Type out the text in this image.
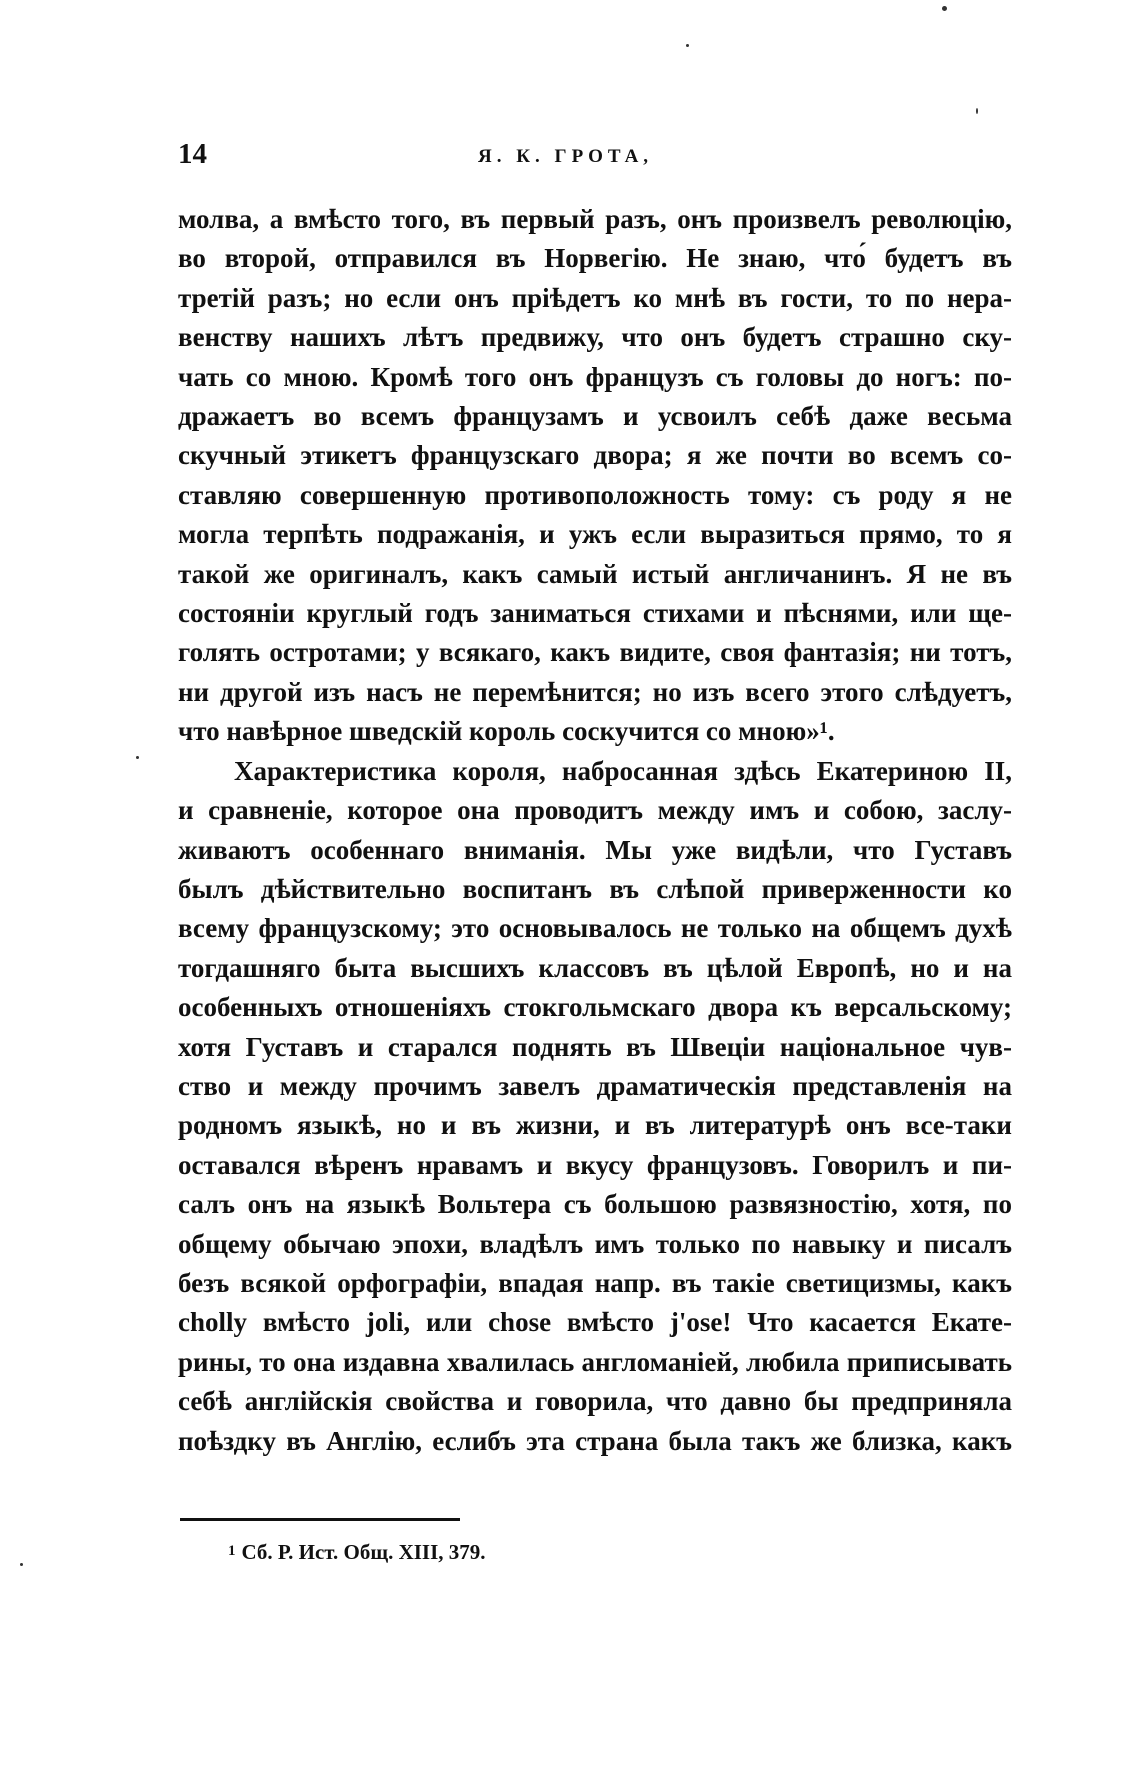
14	Я. К. ГРОТА,
молва, а вмѣсто того, въ первый разъ, онъ произвелъ революцію,
во второй, отправился въ Норвегію. Не знаю, что́ будетъ въ
третій разъ; но если онъ пріѣдетъ ко мнѣ въ гости, то по нера-
венству нашихъ лѣтъ предвижу, что онъ будетъ страшно ску-
чать со мною. Кромѣ того онъ французъ съ головы до ногъ: по-
дражаетъ во всемъ французамъ и усвоилъ себѣ даже весьма
скучный этикетъ французскаго двора; я же почти во всемъ со-
ставляю совершенную противоположность тому: съ роду я не
могла терпѣть подражанія, и ужъ если выразиться прямо, то я
такой же оригиналъ, какъ самый истый англичанинъ. Я не въ
состояніи круглый годъ заниматься стихами и пѣснями, или ще-
голять остротами; у всякаго, какъ видите, своя фантазія; ни тотъ,
ни другой изъ насъ не перемѣнится; но изъ всего этого слѣдуетъ,
что навѣрное шведскій король соскучится со мною»¹.
Характеристика короля, набросанная здѣсь Екатериною II,
и сравненіе, которое она проводитъ между имъ и собою, заслу-
живаютъ особеннаго вниманія. Мы уже видѣли, что Густавъ
былъ дѣйствительно воспитанъ въ слѣпой приверженности ко
всему французскому; это основывалось не только на общемъ духѣ
тогдашняго быта высшихъ классовъ въ цѣлой Европѣ, но и на
особенныхъ отношеніяхъ стокгольмскаго двора къ версальскому;
хотя Густавъ и старался поднять въ Швеціи національное чув-
ство и между прочимъ завелъ драматическія представленія на
родномъ языкѣ, но и въ жизни, и въ литературѣ онъ все-таки
оставался вѣренъ нравамъ и вкусу французовъ. Говорилъ и пи-
салъ онъ на языкѣ Вольтера съ большою развязностію, хотя, по
общему обычаю эпохи, владѣлъ имъ только по навыку и писалъ
безъ всякой орфографіи, впадая напр. въ такіе светицизмы, какъ
chollу вмѣсто joli, или chose вмѣсто j'ose! Что касается Екате-
рины, то она издавна хвалилась англоманіей, любила приписывать
себѣ англійскія свойства и говорила, что давно бы предприняла
поѣздку въ Англію, еслибъ эта страна была такъ же близка, какъ
1 Сб. Р. Ист. Общ. XIII, 379.
